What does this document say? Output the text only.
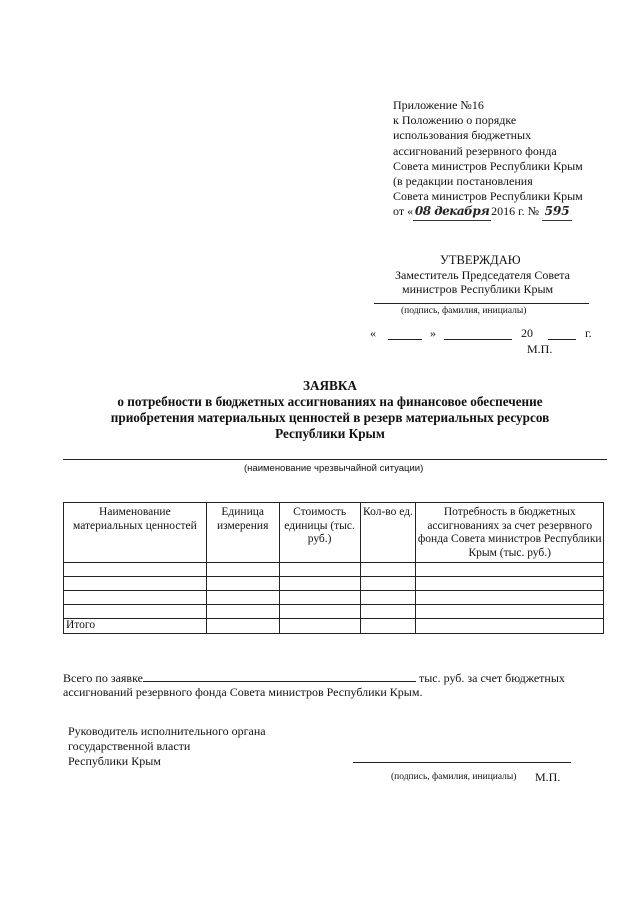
Приложение №16
к Положению о порядке
использования бюджетных
ассигнований резервного фонда
Совета министров Республики Крым
(в редакции постановления
Совета министров Республики Крым
от « 08 декабря 2016 г. № 595
УТВЕРЖДАЮ
Заместитель Председателя Совета
министров Республики Крым
(подпись, фамилия, инициалы)
«	»	20	г.
М.П.
ЗАЯВКА
о потребности в бюджетных ассигнованиях на финансовое обеспечение
приобретения материальных ценностей в резерв материальных ресурсов
Республики Крым
(наименование чрезвычайной ситуации)
Наименование материальных ценностей	Единица измерения	Стоимость единицы (тыс. руб.)	Кол-во ед.	Потребность в бюджетных ассигнованиях за счет резервного фонда Совета министров Республики Крым (тыс. руб.)

Итого				
Всего по заявке	тыс. руб. за счет бюджетных
ассигнований резервного фонда Совета министров Республики Крым.
Руководитель исполнительного органа
государственной власти
Республики Крым
(подпись, фамилия, инициалы) М.П.
